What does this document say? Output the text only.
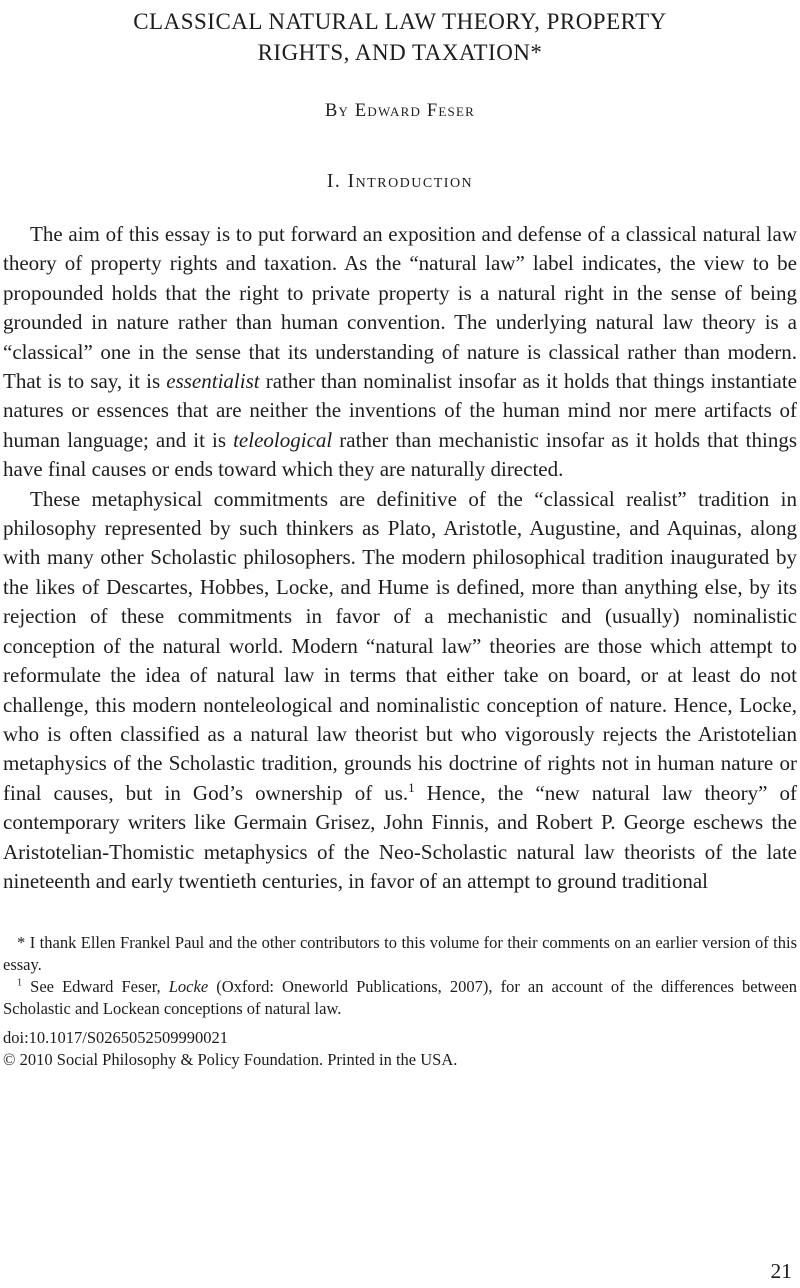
CLASSICAL NATURAL LAW THEORY, PROPERTY
RIGHTS, AND TAXATION*
By Edward Feser
I. Introduction

The aim of this essay is to put forward an exposition and defense of a classical natural law theory of property rights and taxation. As the “natural law” label indicates, the view to be propounded holds that the right to private property is a natural right in the sense of being grounded in nature rather than human convention. The underlying natural law theory is a “classical” one in the sense that its understanding of nature is classical rather than modern. That is to say, it is essentialist rather than nominalist insofar as it holds that things instantiate natures or essences that are neither the inventions of the human mind nor mere artifacts of human language; and it is teleological rather than mechanistic insofar as it holds that things have final causes or ends toward which they are naturally directed.

These metaphysical commitments are definitive of the “classical realist” tradition in philosophy represented by such thinkers as Plato, Aristotle, Augustine, and Aquinas, along with many other Scholastic philosophers. The modern philosophical tradition inaugurated by the likes of Descartes, Hobbes, Locke, and Hume is defined, more than anything else, by its rejection of these commitments in favor of a mechanistic and (usually) nominalistic conception of the natural world. Modern “natural law” theories are those which attempt to reformulate the idea of natural law in terms that either take on board, or at least do not challenge, this modern nonteleological and nominalistic conception of nature. Hence, Locke, who is often classified as a natural law theorist but who vigorously rejects the Aristotelian metaphysics of the Scholastic tradition, grounds his doctrine of rights not in human nature or final causes, but in God’s ownership of us.$^1$ Hence, the “new natural law theory” of contemporary writers like Germain Grisez, John Finnis, and Robert P. George eschews the Aristotelian-Thomistic metaphysics of the Neo-Scholastic natural law theorists of the late nineteenth and early twentieth centuries, in favor of an attempt to ground traditional

* I thank Ellen Frankel Paul and the other contributors to this volume for their comments on an earlier version of this essay.

$^1$ See Edward Feser, Locke (Oxford: Oneworld Publications, 2007), for an account of the differences between Scholastic and Lockean conceptions of natural law.

doi:10.1017/S0265052509990021

© 2010 Social Philosophy & Policy Foundation. Printed in the USA.

21
